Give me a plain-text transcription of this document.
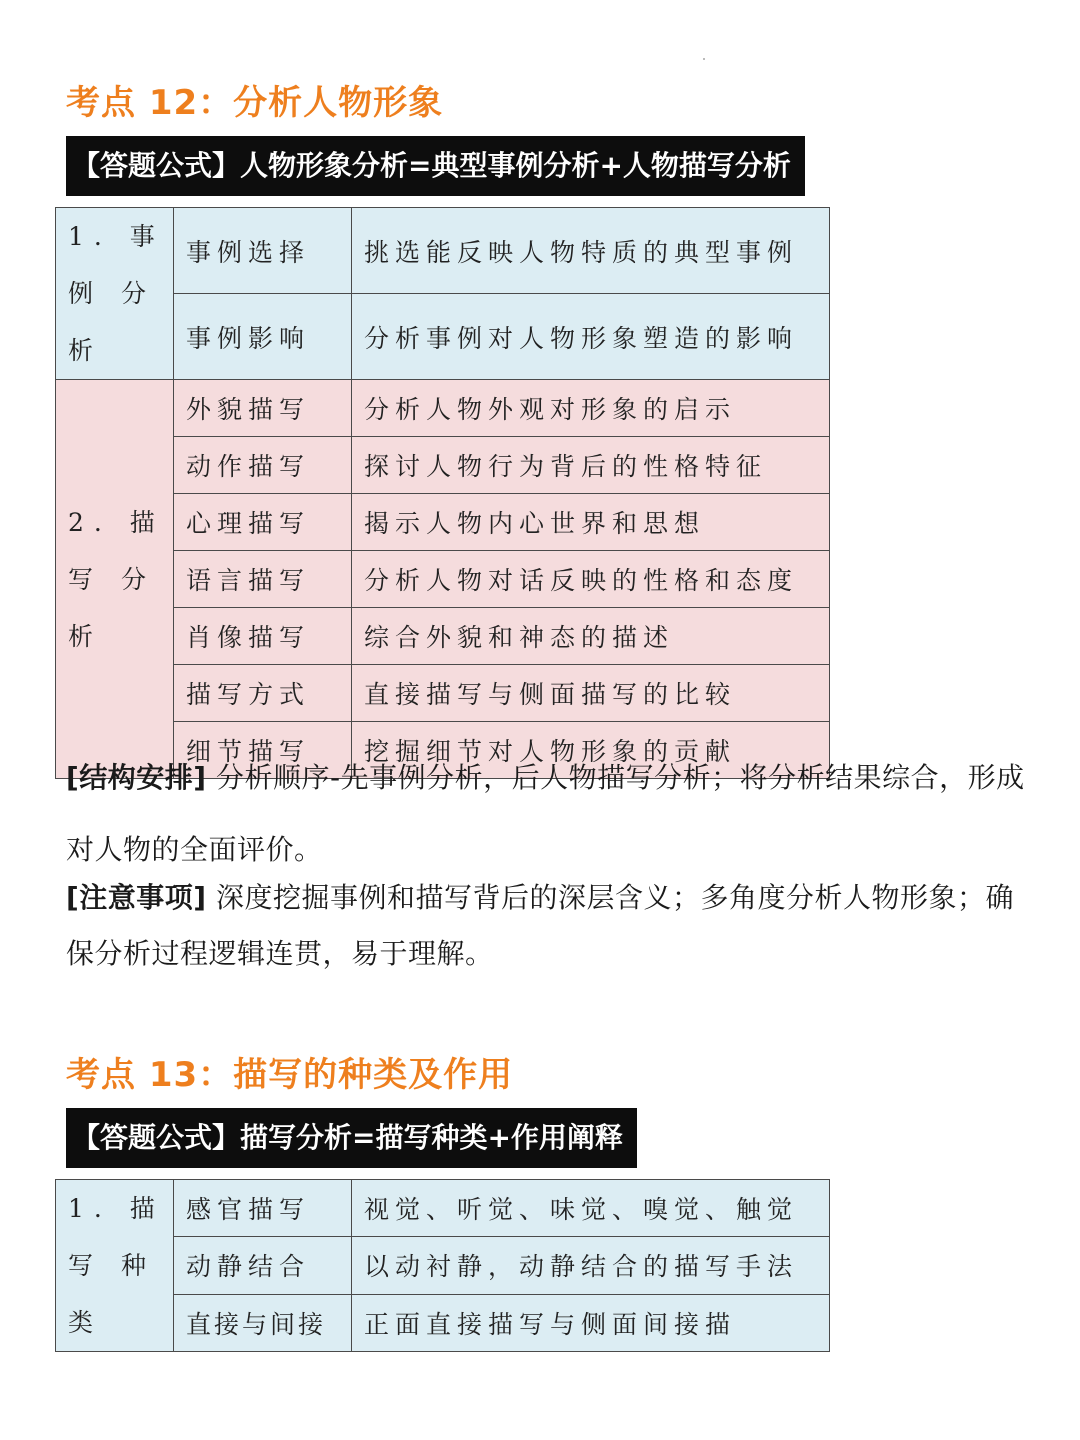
考点 12：分析人物形象
【答题公式】人物形象分析=典型事例分析+人物描写分析
1. 事 例 分析	事例选择	挑选能反映人物特质的典型事例
	事例影响	分析事例对人物形象塑造的影响
2. 描写 分析	外貌描写	分析人物外观对形象的启示
	动作描写	探讨人物行为背后的性格特征
	心理描写	揭示人物内心世界和思想
	语言描写	分析人物对话反映的性格和态度
	肖像描写	综合外貌和神态的描述
	描写方式	直接描写与侧面描写的比较
	细节描写	挖掘细节对人物形象的贡献

[结构安排] 分析顺序-先事例分析，后人物描写分析；将分析结果综合，形成对人物的全面评价。

[注意事项] 深度挖掘事例和描写背后的深层含义；多角度分析人物形象；确保分析过程逻辑连贯，易于理解。

考点 13：描写的种类及作用
【答题公式】描写分析=描写种类+作用阐释
1. 描写 种类	感官描写	视觉、听觉、味觉、嗅觉、触觉
	动静结合	以动衬静，动静结合的描写手法
	直接与间接	正面直接描写与侧面间接描
